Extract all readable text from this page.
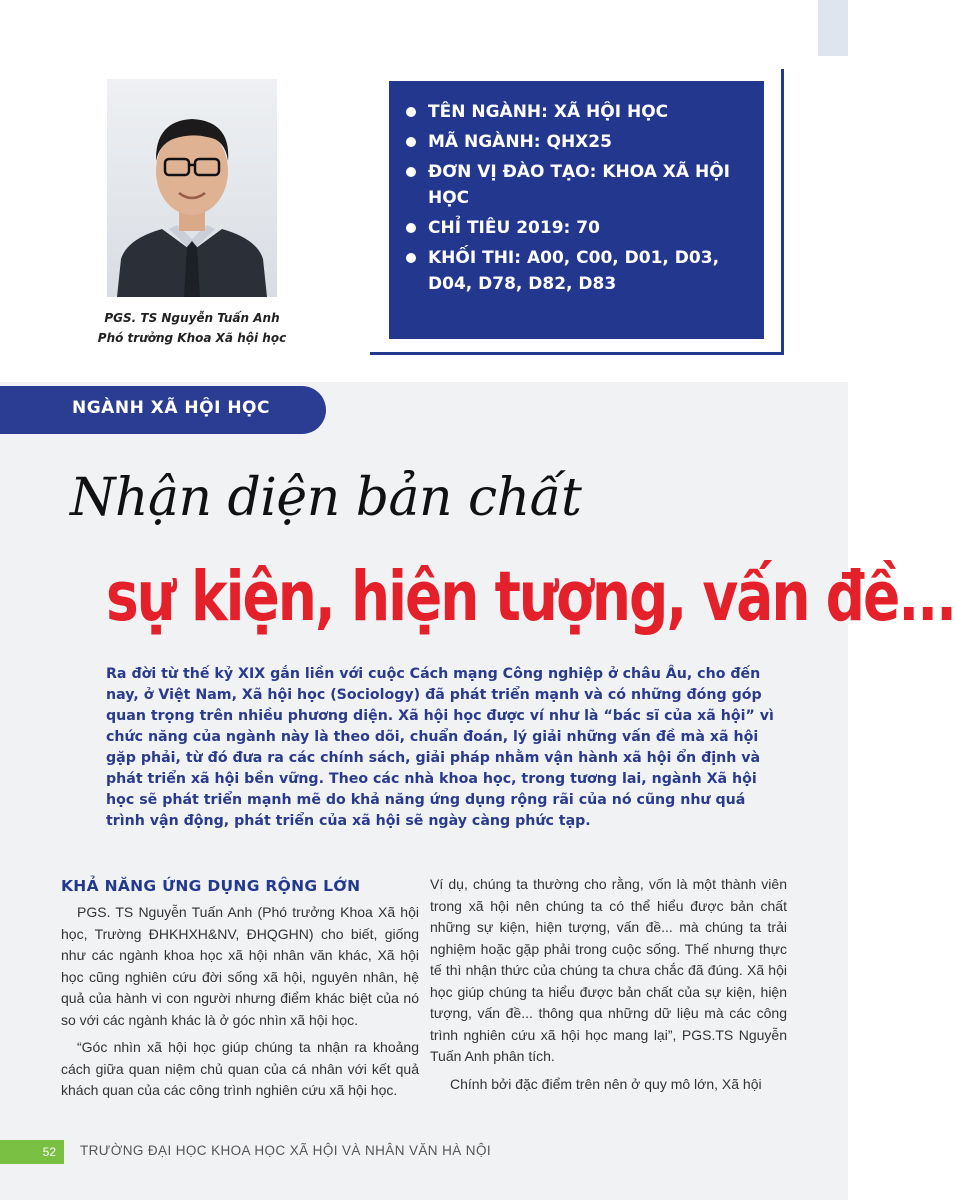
PGS. TS Nguyễn Tuấn Anh
Phó trưởng Khoa Xã hội học
TÊN NGÀNH: XÃ HỘI HỌC
MÃ NGÀNH: QHX25
ĐƠN VỊ ĐÀO TẠO: KHOA XÃ HỘI HỌC
CHỈ TIÊU 2019: 70
KHỐI THI: A00, C00, D01, D03, D04, D78, D82, D83
NGÀNH XÃ HỘI HỌC
Nhận diện bản chất
sự kiện, hiện tượng, vấn đề...
Ra đời từ thế kỷ XIX gắn liền với cuộc Cách mạng Công nghiệp ở châu Âu, cho đến nay, ở Việt Nam, Xã hội học (Sociology) đã phát triển mạnh và có những đóng góp quan trọng trên nhiều phương diện. Xã hội học được ví như là “bác sĩ của xã hội” vì chức năng của ngành này là theo dõi, chuẩn đoán, lý giải những vấn đề mà xã hội gặp phải, từ đó đưa ra các chính sách, giải pháp nhằm vận hành xã hội ổn định và phát triển xã hội bền vững. Theo các nhà khoa học, trong tương lai, ngành Xã hội học sẽ phát triển mạnh mẽ do khả năng ứng dụng rộng rãi của nó cũng như quá trình vận động, phát triển của xã hội sẽ ngày càng phức tạp.
KHẢ NĂNG ỨNG DỤNG RỘNG LỚN

PGS. TS Nguyễn Tuấn Anh (Phó trưởng Khoa Xã hội học, Trường ĐHKHXH&NV, ĐHQGHN) cho biết, giống như các ngành khoa học xã hội nhân văn khác, Xã hội học cũng nghiên cứu đời sống xã hội, nguyên nhân, hệ quả của hành vi con người nhưng điểm khác biệt của nó so với các ngành khác là ở góc nhìn xã hội học.

“Góc nhìn xã hội học giúp chúng ta nhận ra khoảng cách giữa quan niệm chủ quan của cá nhân với kết quả khách quan của các công trình nghiên cứu xã hội học.

Ví dụ, chúng ta thường cho rằng, vốn là một thành viên trong xã hội nên chúng ta có thể hiểu được bản chất những sự kiện, hiện tượng, vấn đề... mà chúng ta trải nghiệm hoặc gặp phải trong cuộc sống. Thế nhưng thực tế thì nhận thức của chúng ta chưa chắc đã đúng. Xã hội học giúp chúng ta hiểu được bản chất của sự kiện, hiện tượng, vấn đề... thông qua những dữ liệu mà các công trình nghiên cứu xã hội học mang lại”, PGS.TS Nguyễn Tuấn Anh phân tích.

Chính bởi đặc điểm trên nên ở quy mô lớn, Xã hội

52	TRƯỜNG ĐẠI HỌC KHOA HỌC XÃ HỘI VÀ NHÂN VĂN HÀ NỘI
